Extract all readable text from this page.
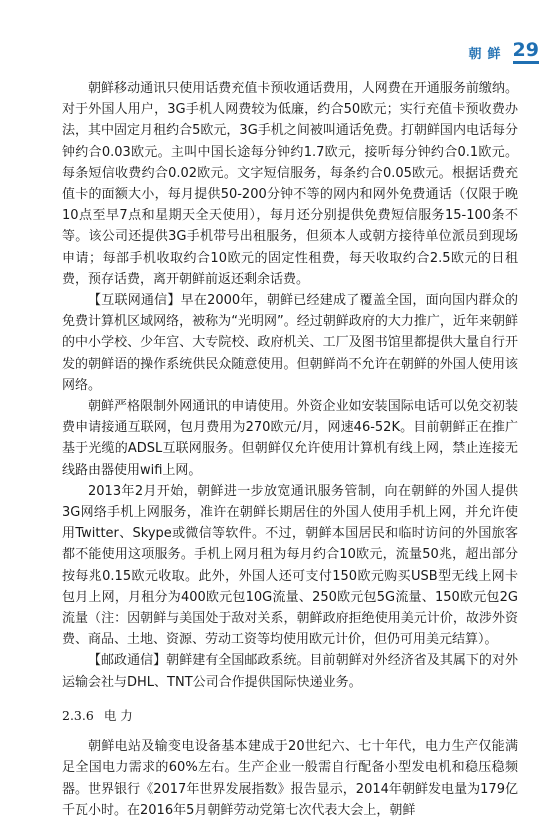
朝鲜 29

朝鲜移动通讯只使用话费充值卡预收通话费用，人网费在开通服务前缴纳。对于外国人用户，3G手机人网费较为低廉，约合50欧元；实行充值卡预收费办法，其中固定月租约合5欧元，3G手机之间被叫通话免费。打朝鲜国内电话每分钟约合0.03欧元。主叫中国长途每分钟约1.7欧元，接听每分钟约合0.1欧元。每条短信收费约合0.02欧元。文字短信服务，每条约合0.05欧元。根据话费充值卡的面额大小，每月提供50-200分钟不等的网内和网外免费通话（仅限于晚10点至早7点和星期天全天使用），每月还分别提供免费短信服务15-100条不等。该公司还提供3G手机带号出租服务，但须本人或朝方接待单位派员到现场申请；每部手机收取约合10欧元的固定性租费，每天收取约合2.5欧元的日租费，预存话费，离开朝鲜前返还剩余话费。

【互联网通信】早在2000年，朝鲜已经建成了覆盖全国，面向国内群众的免费计算机区域网络，被称为“光明网”。经过朝鲜政府的大力推广，近年来朝鲜的中小学校、少年宫、大专院校、政府机关、工厂及图书馆里都提供大量自行开发的朝鲜语的操作系统供民众随意使用。但朝鲜尚不允许在朝鲜的外国人使用该网络。

朝鲜严格限制外网通讯的申请使用。外资企业如安装国际电话可以免交初装费申请接通互联网，包月费用为270欧元/月，网速46-52K。目前朝鲜正在推广基于光缆的ADSL互联网服务。但朝鲜仅允许使用计算机有线上网，禁止连接无线路由器使用wifi上网。

2013年2月开始，朝鲜进一步放宽通讯服务管制，向在朝鲜的外国人提供3G网络手机上网服务，准许在朝鲜长期居住的外国人使用手机上网，并允许使用Twitter、Skype或微信等软件。不过，朝鲜本国居民和临时访问的外国旅客都不能使用这项服务。手机上网月租为每月约合10欧元，流量50兆，超出部分按每兆0.15欧元收取。此外，外国人还可支付150欧元购买USB型无线上网卡包月上网，月租分为400欧元包10G流量、250欧元包5G流量、150欧元包2G流量（注：因朝鲜与美国处于敌对关系，朝鲜政府拒绝使用美元计价，故涉外资费、商品、土地、资源、劳动工资等均使用欧元计价，但仍可用美元结算）。

【邮政通信】朝鲜建有全国邮政系统。目前朝鲜对外经济省及其属下的对外运输会社与DHL、TNT公司合作提供国际快递业务。

2.3.6 电 力

朝鲜电站及输变电设备基本建成于20世纪六、七十年代，电力生产仅能满足全国电力需求的60%左右。生产企业一般需自行配备小型发电机和稳压稳频器。世界银行《2017年世界发展指数》报告显示，2014年朝鲜发电量为179亿千瓦小时。在2016年5月朝鲜劳动党第七次代表大会上，朝鲜
